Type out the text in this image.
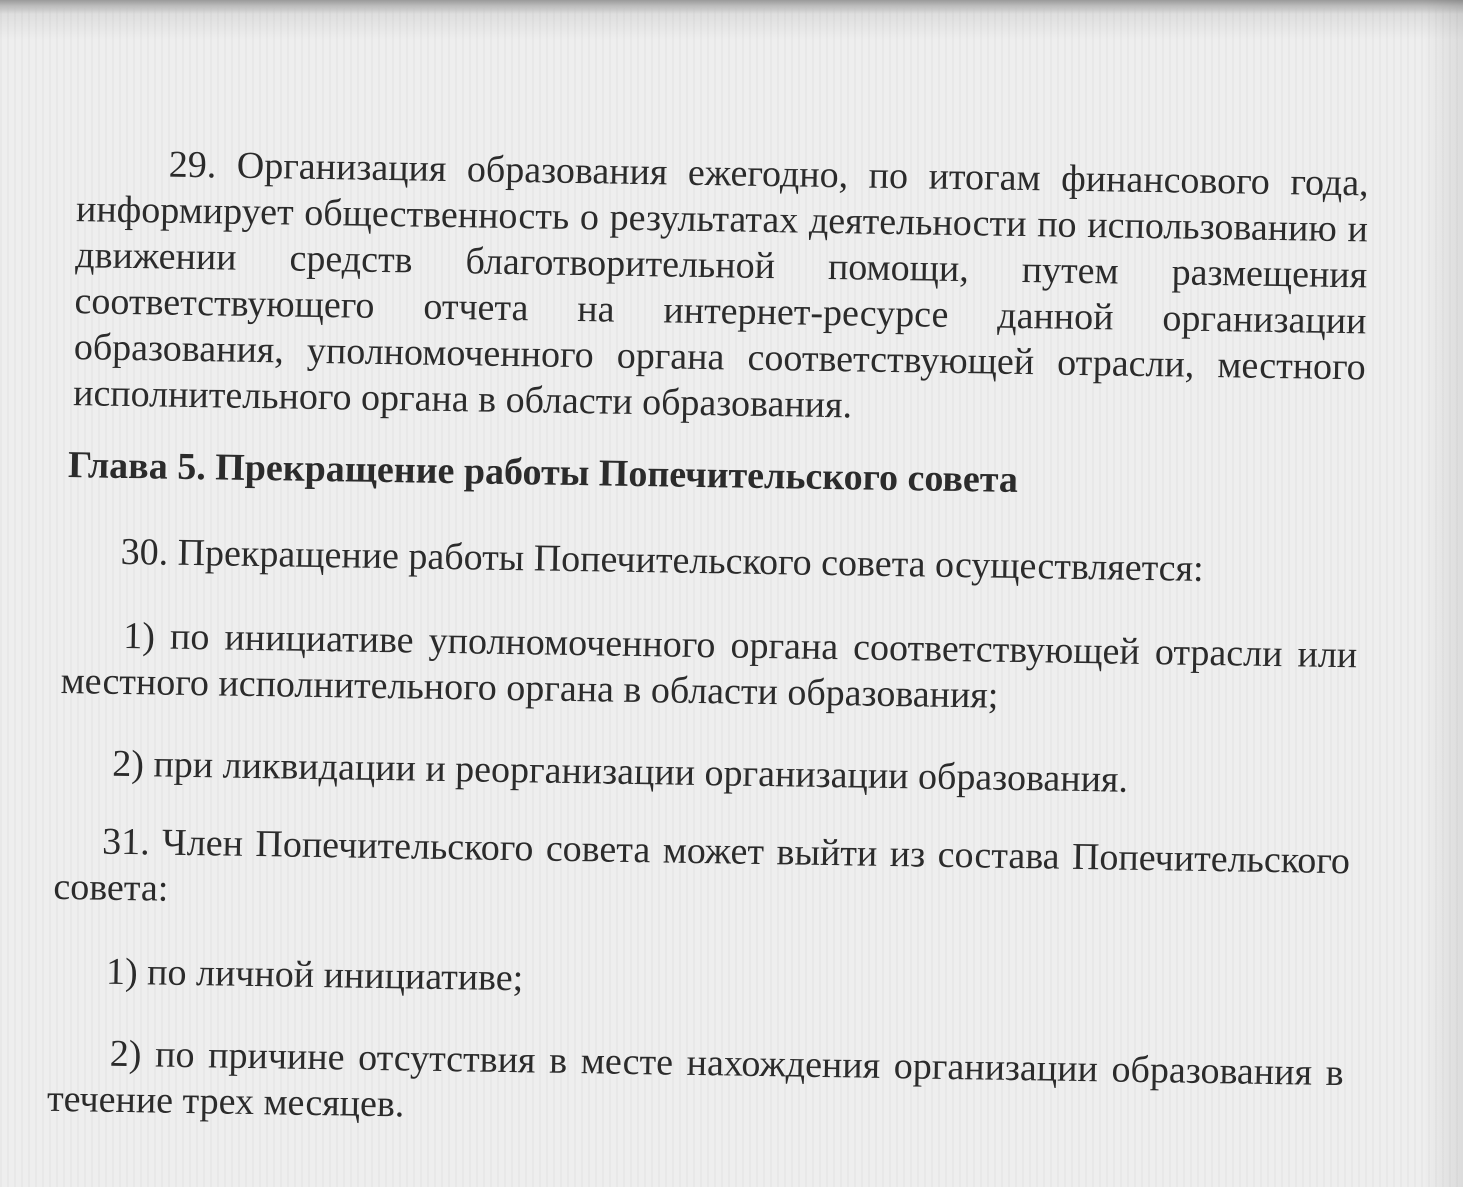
29. Организация образования ежегодно, по итогам финансового года, информирует общественность о результатах деятельности по использованию и движении средств благотворительной помощи, путем размещения соответствующего отчета на интернет-ресурсе данной организации образования, уполномоченного органа соответствующей отрасли, местного исполнительного органа в области образования.

Глава 5. Прекращение работы Попечительского совета

30. Прекращение работы Попечительского совета осуществляется:

1) по инициативе уполномоченного органа соответствующей отрасли или местного исполнительного органа в области образования;

2) при ликвидации и реорганизации организации образования.

31. Член Попечительского совета может выйти из состава Попечительского совета:

1) по личной инициативе;

2) по причине отсутствия в месте нахождения организации образования в течение трех месяцев.
